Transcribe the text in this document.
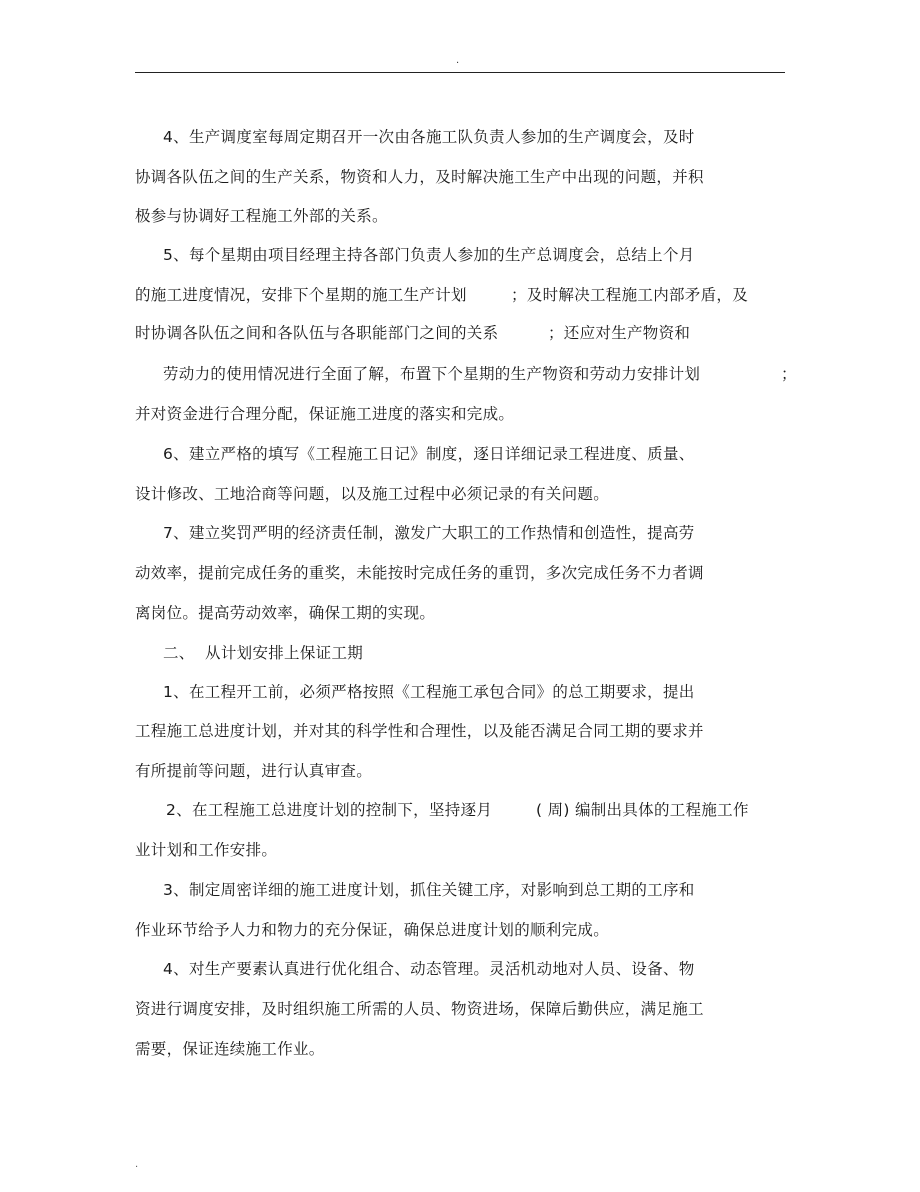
.
4、生产调度室每周定期召开一次由各施工队负责人参加的生产调度会，及时
协调各队伍之间的生产关系，物资和人力，及时解决施工生产中出现的问题，并积
极参与协调好工程施工外部的关系。
5、每个星期由项目经理主持各部门负责人参加的生产总调度会，总结上个月
的施工进度情况，安排下个星期的施工生产计划	；及时解决工程施工内部矛盾，及
时协调各队伍之间和各队伍与各职能部门之间的关系	；还应对生产物资和
劳动力的使用情况进行全面了解，布置下个星期的生产物资和劳动力安排计划	；
并对资金进行合理分配，保证施工进度的落实和完成。
6、建立严格的填写《工程施工日记》制度，逐日详细记录工程进度、质量、
设计修改、工地洽商等问题，以及施工过程中必须记录的有关问题。
7、建立奖罚严明的经济责任制，激发广大职工的工作热情和创造性，提高劳
动效率，提前完成任务的重奖，未能按时完成任务的重罚，多次完成任务不力者调
离岗位。提高劳动效率，确保工期的实现。
二、  从计划安排上保证工期
1、在工程开工前，必须严格按照《工程施工承包合同》的总工期要求，提出
工程施工总进度计划，并对其的科学性和合理性，以及能否满足合同工期的要求并
有所提前等问题，进行认真审查。
2、在工程施工总进度计划的控制下，坚持逐月	( 周) 编制出具体的工程施工作
业计划和工作安排。
3、制定周密详细的施工进度计划，抓住关键工序，对影响到总工期的工序和
作业环节给予人力和物力的充分保证，确保总进度计划的顺利完成。
4、对生产要素认真进行优化组合、动态管理。灵活机动地对人员、设备、物
资进行调度安排，及时组织施工所需的人员、物资进场，保障后勤供应，满足施工
需要，保证连续施工作业。
.
